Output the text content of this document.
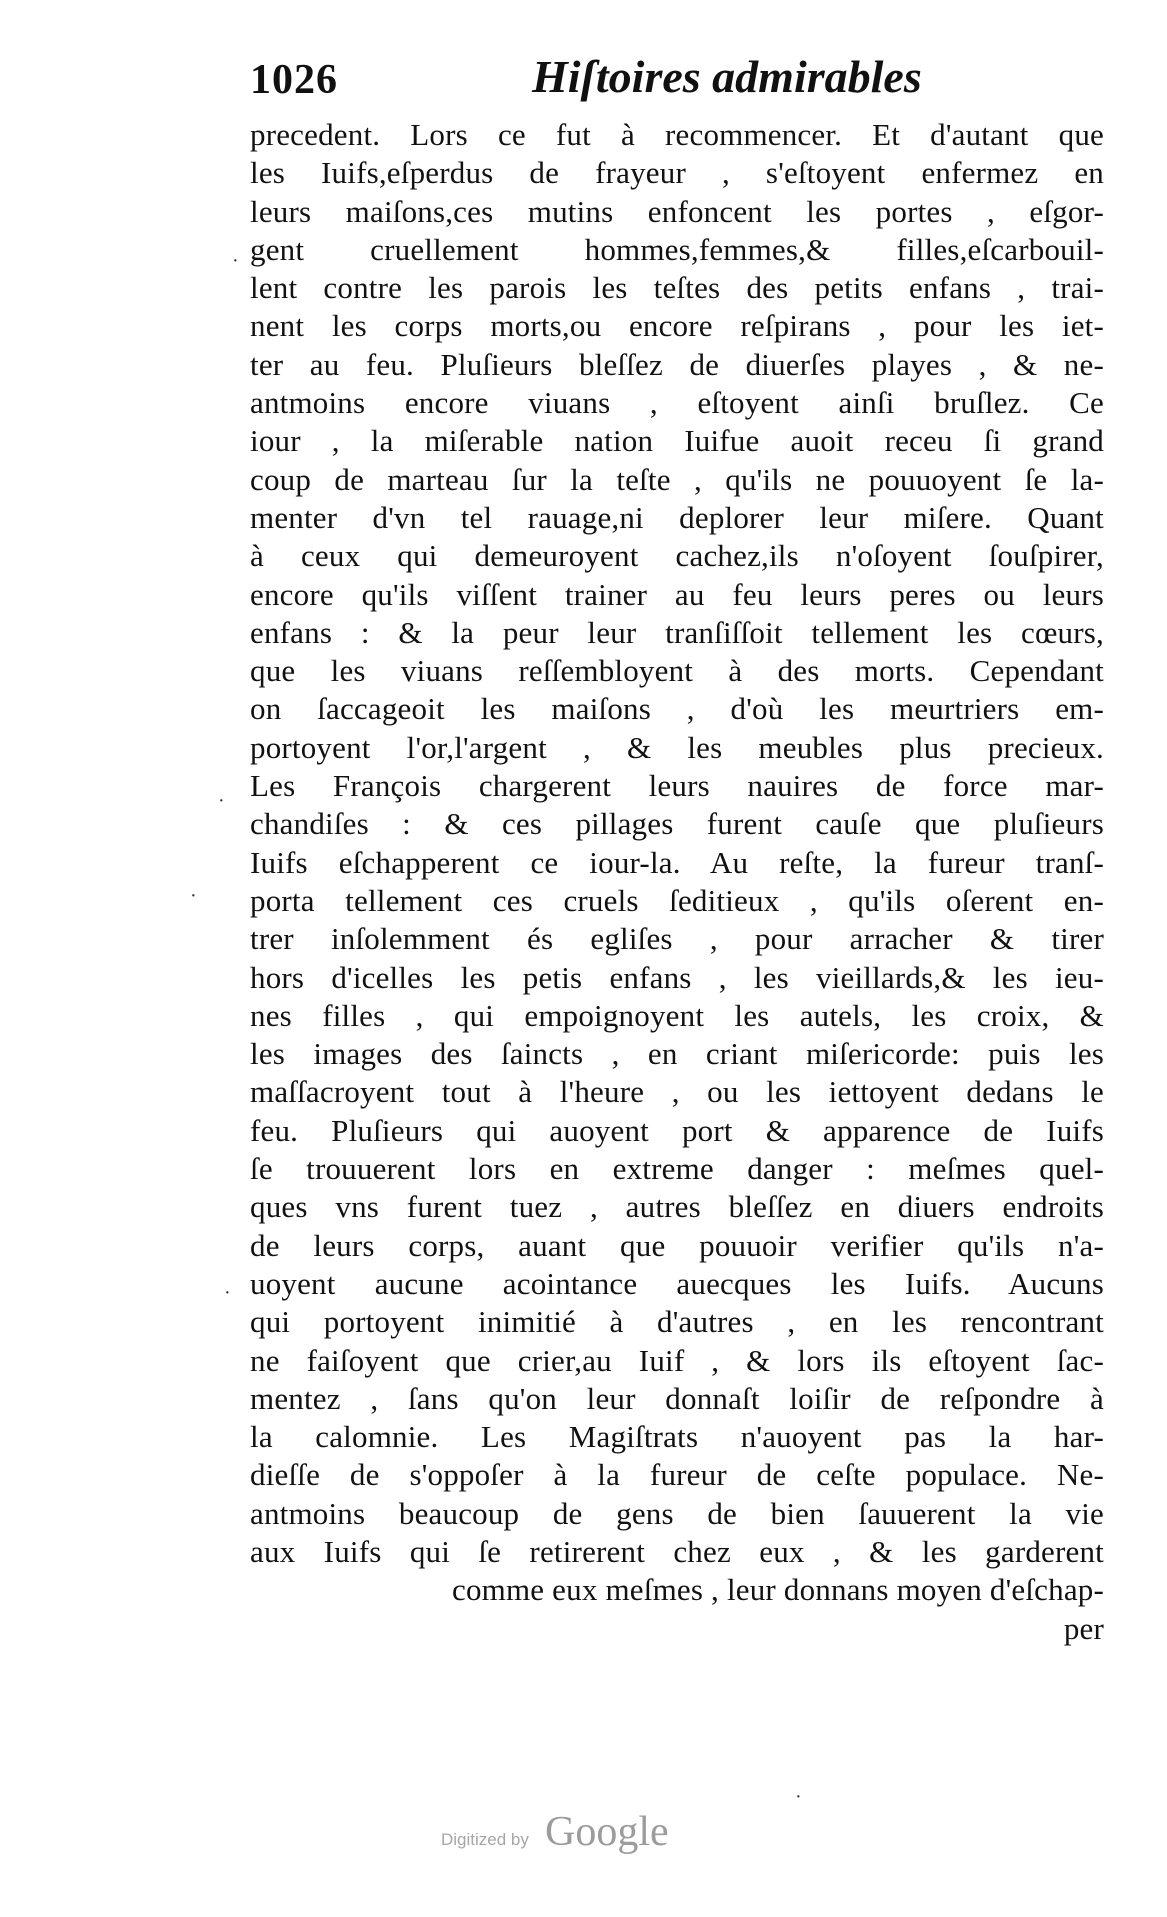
1026	Hiſtoires admirables
precedent. Lors ce fut à recommencer. Et d'autant que
les Iuifs,eſperdus de frayeur , s'eſtoyent enfermez en
leurs maiſons,ces mutins enfoncent les portes , eſgor-
gent cruellement hommes,femmes,& filles,eſcarbouil-
lent contre les parois les teſtes des petits enfans , trai-
nent les corps morts,ou encore reſpirans , pour les iet-
ter au feu. Pluſieurs bleſſez de diuerſes playes , & ne-
antmoins encore viuans , eſtoyent ainſi bruſlez. Ce
iour , la miſerable nation Iuifue auoit receu ſi grand
coup de marteau ſur la teſte , qu'ils ne pouuoyent ſe la-
menter d'vn tel rauage,ni deplorer leur miſere. Quant
à ceux qui demeuroyent cachez,ils n'oſoyent ſouſpirer,
encore qu'ils viſſent trainer au feu leurs peres ou leurs
enfans : & la peur leur tranſiſſoit tellement les cœurs,
que les viuans reſſembloyent à des morts. Cependant
on ſaccageoit les maiſons , d'où les meurtriers em-
portoyent l'or,l'argent , & les meubles plus precieux.
Les François chargerent leurs nauires de force mar-
chandiſes : & ces pillages furent cauſe que pluſieurs
Iuifs eſchapperent ce iour-la. Au reſte, la fureur tranſ-
porta tellement ces cruels ſeditieux , qu'ils oſerent en-
trer inſolemment és egliſes , pour arracher & tirer
hors d'icelles les petis enfans , les vieillards,& les ieu-
nes filles , qui empoignoyent les autels, les croix, &
les images des ſaincts , en criant miſericorde: puis les
maſſacroyent tout à l'heure , ou les iettoyent dedans le
feu. Pluſieurs qui auoyent port & apparence de Iuifs
ſe trouuerent lors en extreme danger : meſmes quel-
ques vns furent tuez , autres bleſſez en diuers endroits
de leurs corps, auant que pouuoir verifier qu'ils n'a-
uoyent aucune acointance auecques les Iuifs. Aucuns
qui portoyent inimitié à d'autres , en les rencontrant
ne faiſoyent que crier,au Iuif , & lors ils eſtoyent ſac-
mentez , ſans qu'on leur donnaſt loiſir de reſpondre à
la calomnie. Les Magiſtrats n'auoyent pas la har-
dieſſe de s'oppoſer à la fureur de ceſte populace. Ne-
antmoins beaucoup de gens de bien ſauuerent la vie
aux Iuifs qui ſe retirerent chez eux , & les garderent
comme eux meſmes , leur donnans moyen d'eſchap-
per
·
·
·
·
·
Digitized by Google
